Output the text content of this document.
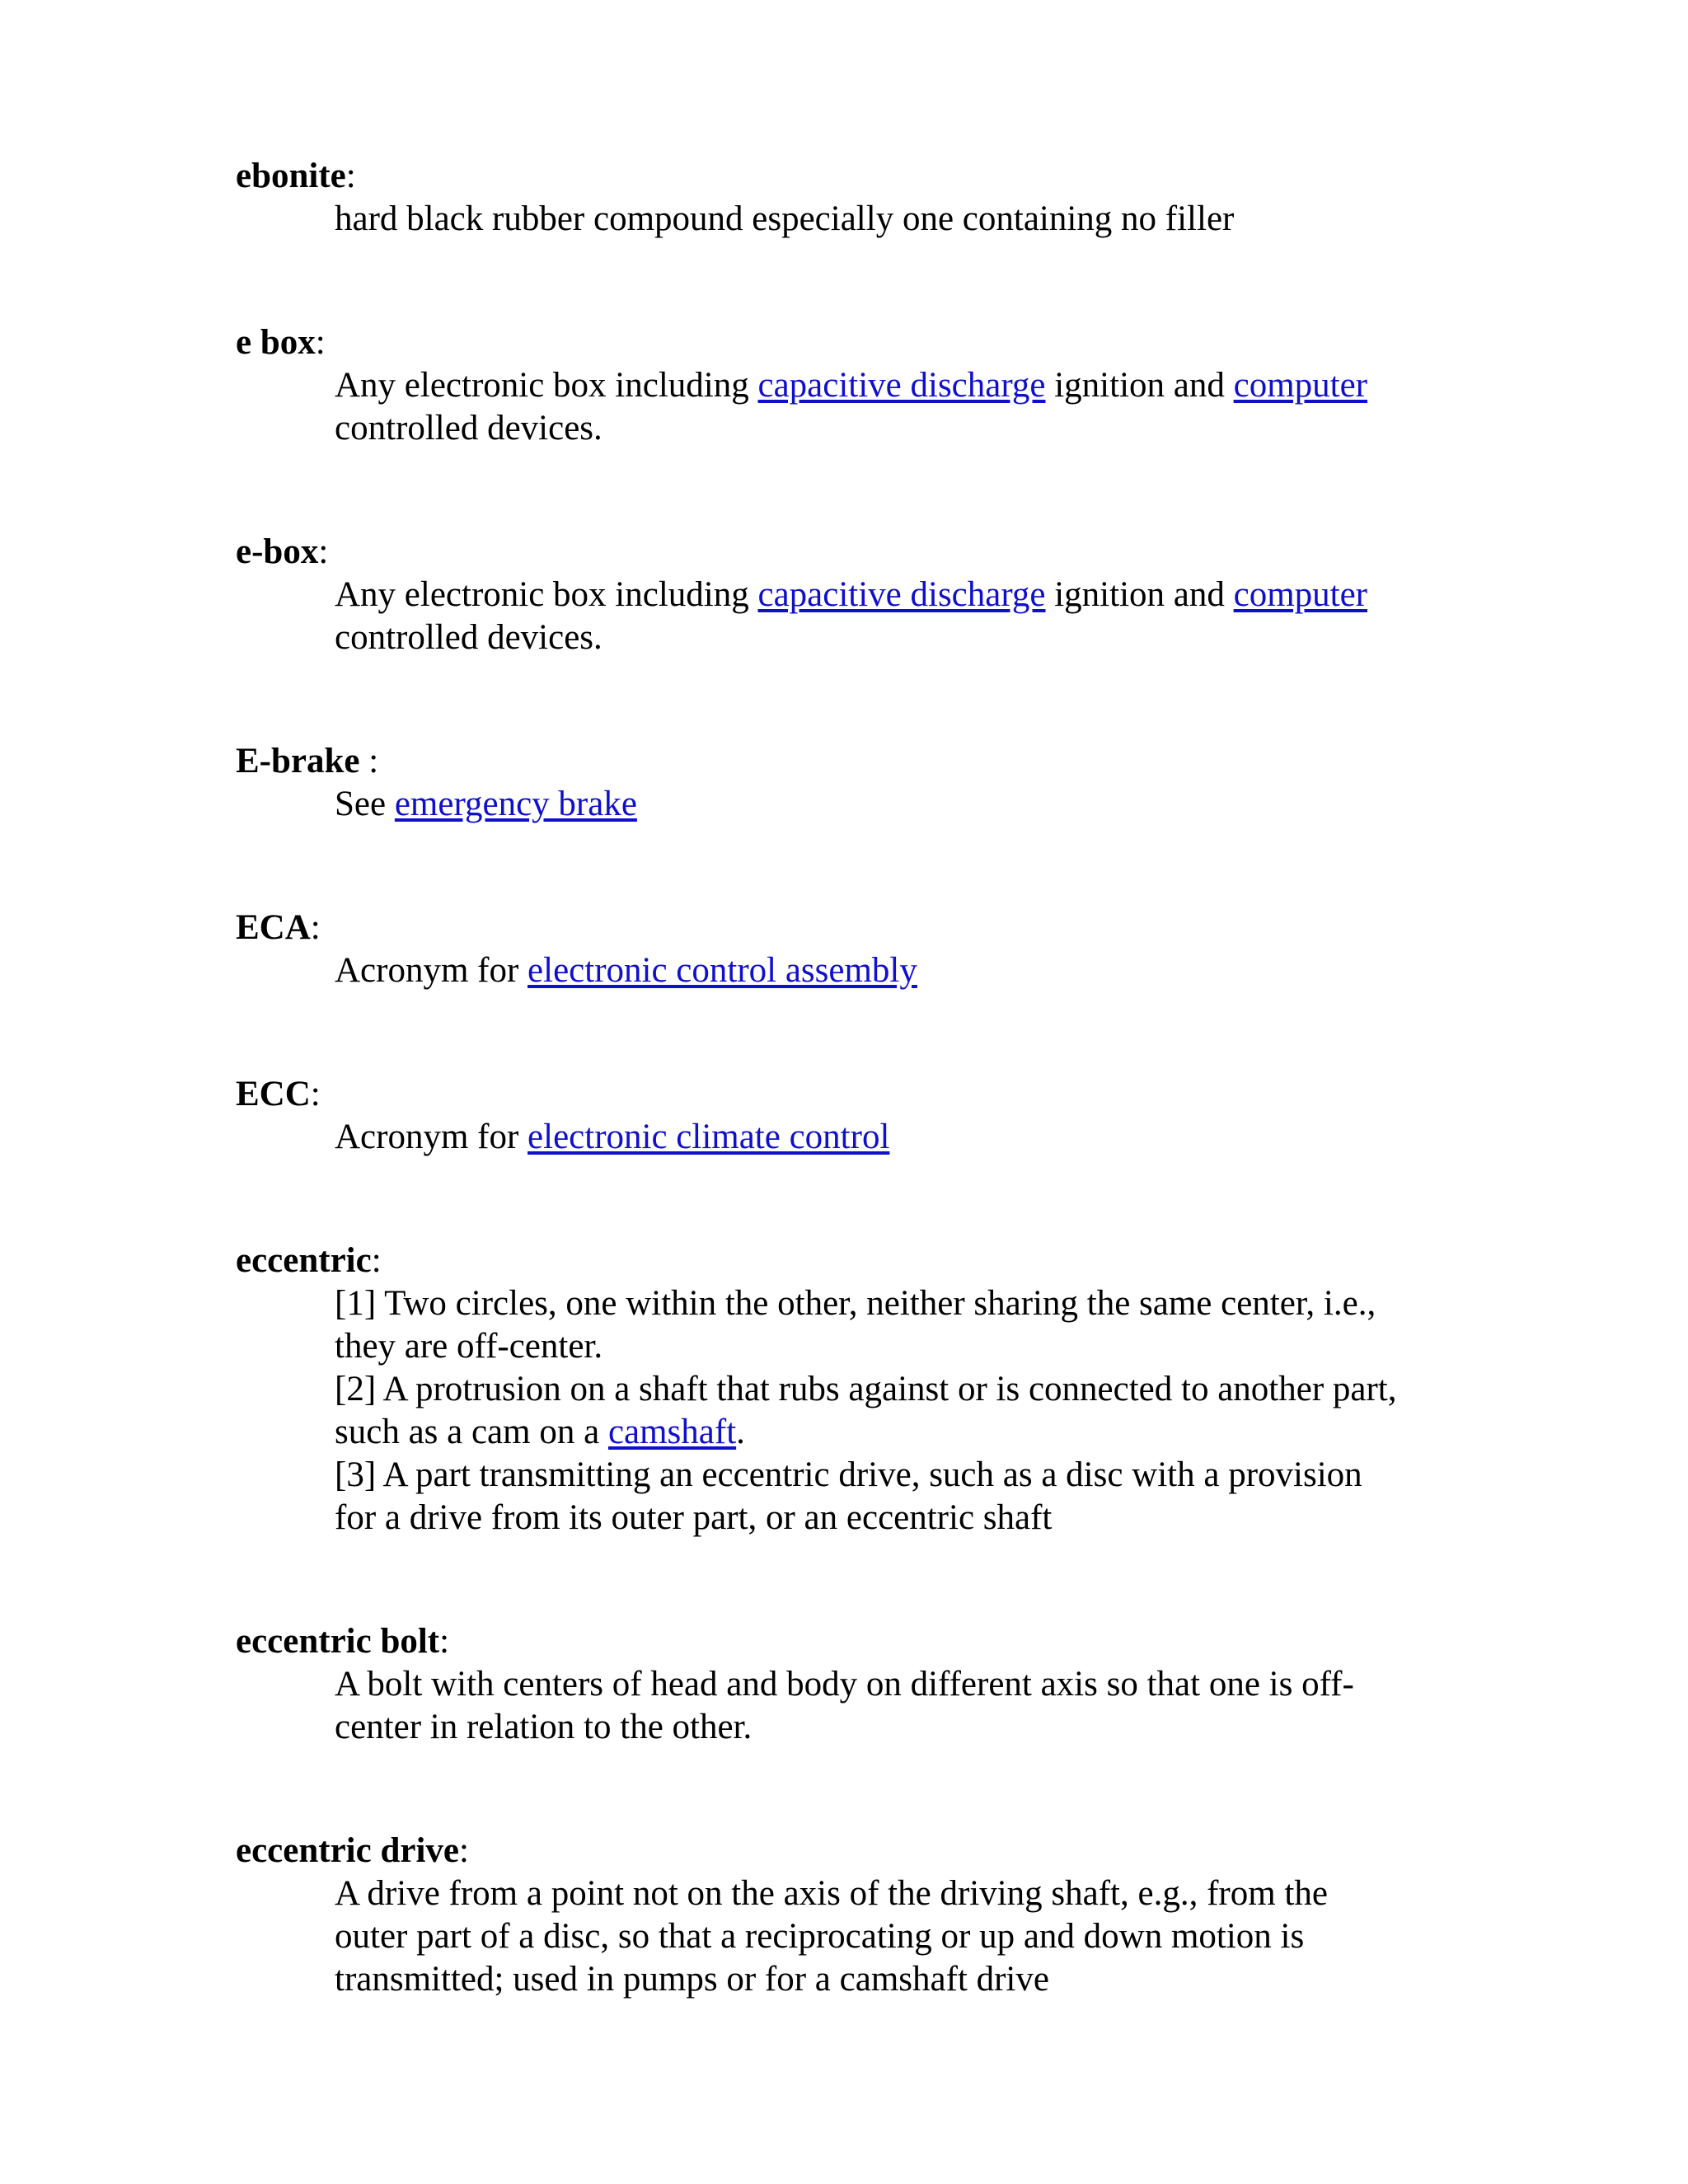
ebonite:
hard black rubber compound especially one containing no filler
e box:
Any electronic box including capacitive discharge ignition and computer
controlled devices.
e-box:
Any electronic box including capacitive discharge ignition and computer
controlled devices.
E-brake :
See emergency brake
ECA:
Acronym for electronic control assembly
ECC:
Acronym for electronic climate control
eccentric:
[1] Two circles, one within the other, neither sharing the same center, i.e.,
they are off-center.
[2] A protrusion on a shaft that rubs against or is connected to another part,
such as a cam on a camshaft.
[3] A part transmitting an eccentric drive, such as a disc with a provision
for a drive from its outer part, or an eccentric shaft
eccentric bolt:
A bolt with centers of head and body on different axis so that one is off-
center in relation to the other.
eccentric drive:
A drive from a point not on the axis of the driving shaft, e.g., from the
outer part of a disc, so that a reciprocating or up and down motion is
transmitted; used in pumps or for a camshaft drive
